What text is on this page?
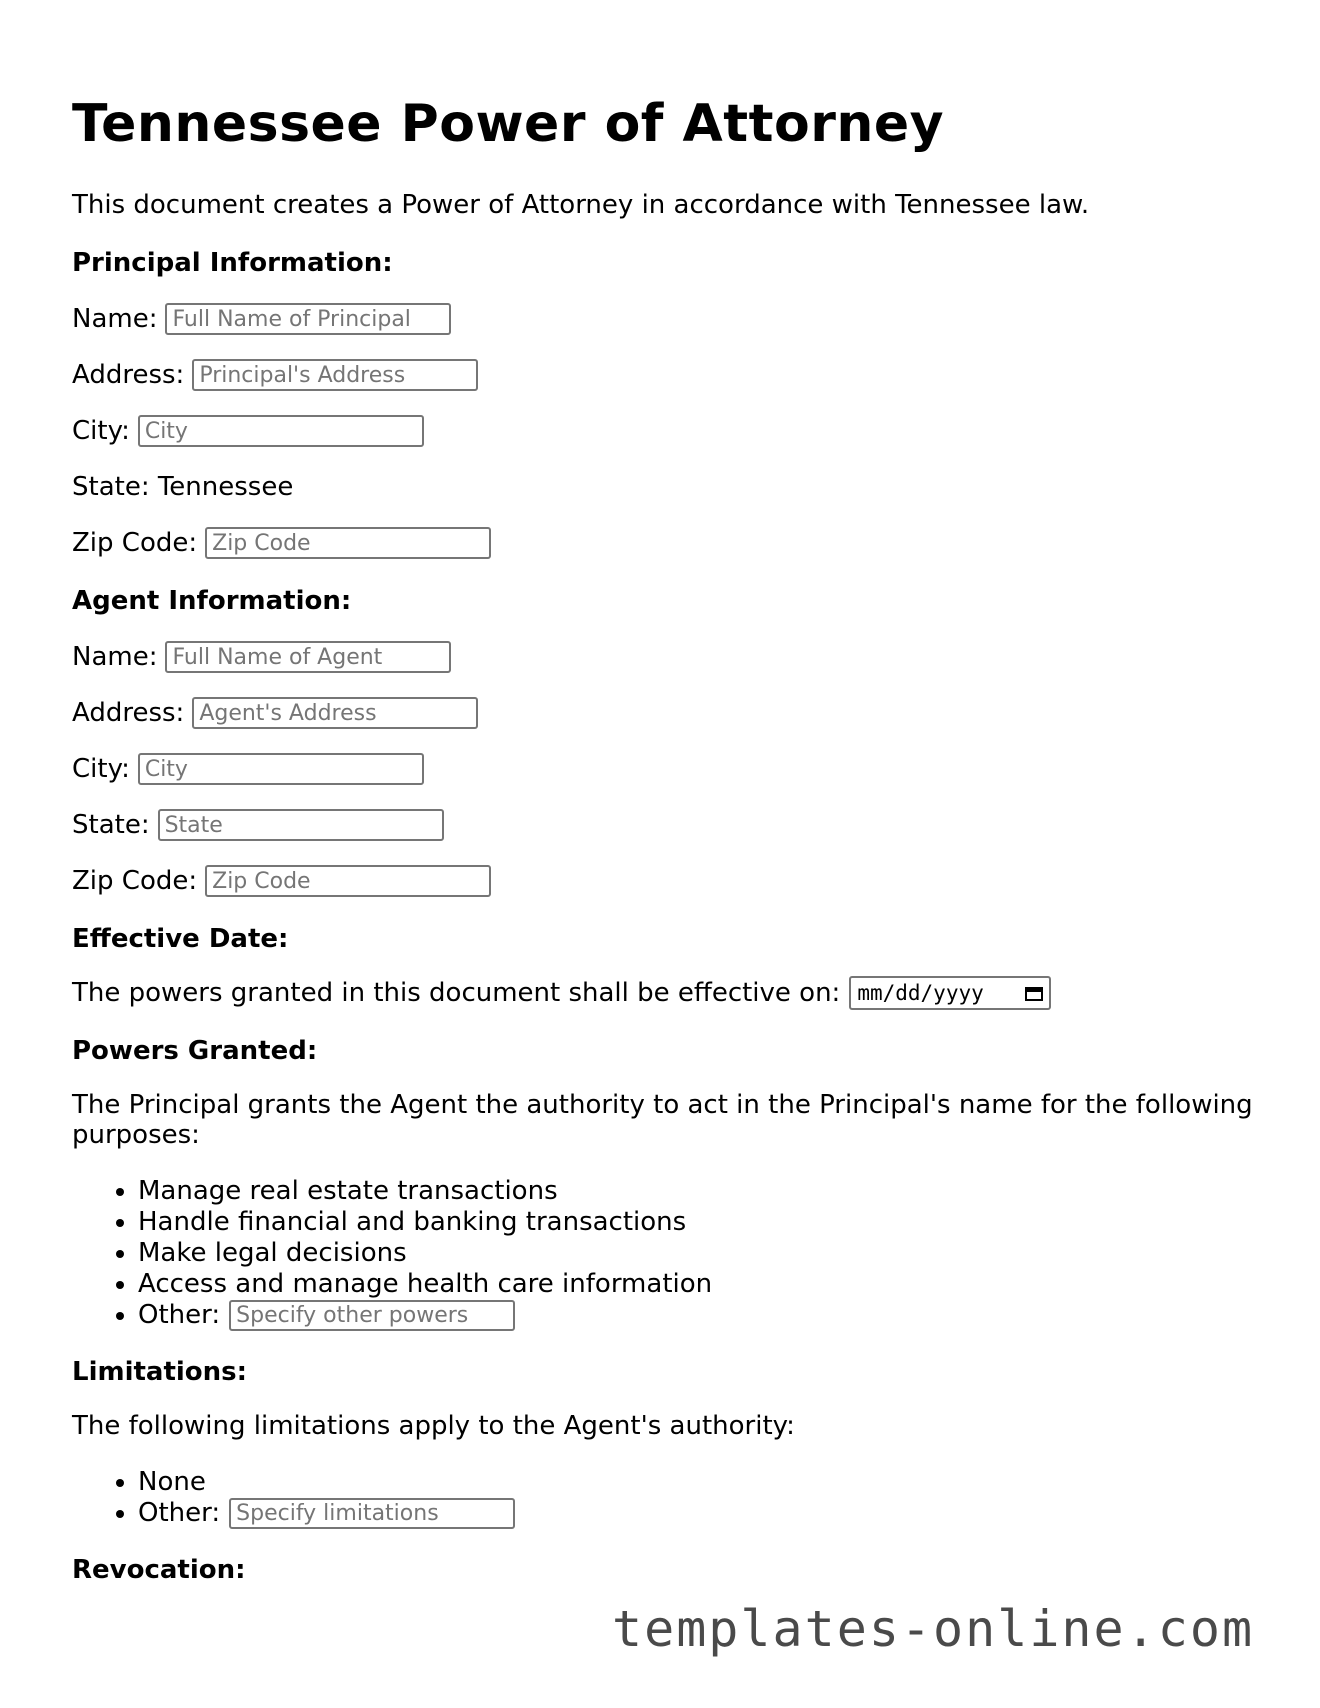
Tennessee Power of Attorney

This document creates a Power of Attorney in accordance with Tennessee law.

Principal Information:
Name:
Full Name of Principal
Address:
Principal's Address
City:
City
State: Tennessee
Zip Code:
Zip Code
Agent Information:
Name:
Full Name of Agent
Address:
Agent's Address
City:
City
State:
State
Zip Code:
Zip Code
Effective Date:
The powers granted in this document shall be effective on: mm/dd/yyyy
Powers Granted:

The Principal grants the Agent the authority to act in the Principal's name for the following purposes:

• Manage real estate transactions
• Handle financial and banking transactions
• Make legal decisions
• Access and manage health care information
• Other:
Specify other powers
Limitations:

The following limitations apply to the Agent's authority:

• None
• Other:
Specify limitations
Revocation:
templates-online.com
